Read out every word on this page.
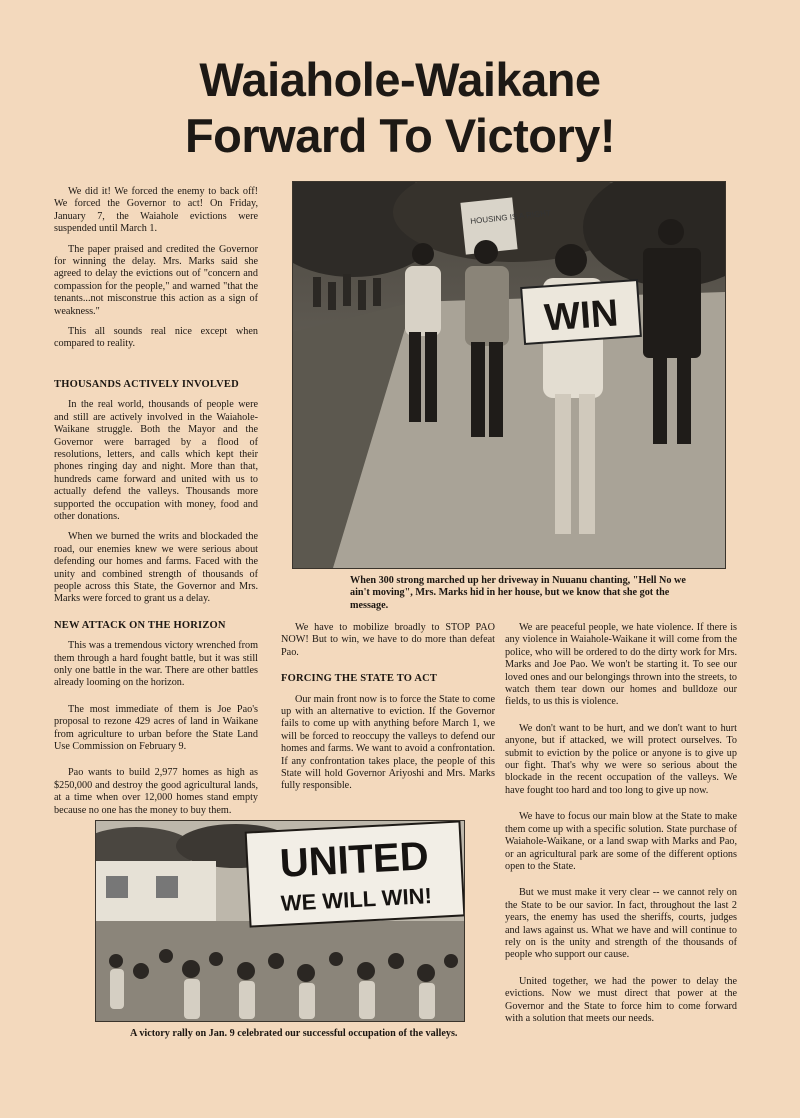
Waiahole-Waikane
Forward To Victory!

We did it! We forced the enemy to back off! We forced the Governor to act! On Friday, January 7, the Waiahole evictions were suspended until March 1.

The paper praised and credited the Governor for winning the delay. Mrs. Marks said she agreed to delay the evictions out of "concern and compassion for the people," and warned "that the tenants...not misconstrue this action as a sign of weakness."

This all sounds real nice except when compared to reality.

THOUSANDS ACTIVELY INVOLVED

In the real world, thousands of people were and still are actively involved in the Waiahole-Waikane struggle. Both the Mayor and the Governor were barraged by a flood of resolutions, letters, and calls which kept their phones ringing day and night. More than that, hundreds came forward and united with us to actually defend the valleys. Thousands more supported the occupation with money, food and other donations.

When we burned the writs and blockaded the road, our enemies knew we were serious about defending our homes and farms. Faced with the unity and combined strength of thousands of people across this State, the Governor and Mrs. Marks were forced to grant us a delay.

NEW ATTACK ON THE HORIZON

This was a tremendous victory wrenched from them through a hard fought battle, but it was still only one battle in the war. There are other battles already looming on the horizon.

The most immediate of them is Joe Pao's proposal to rezone 429 acres of land in Waikane from agriculture to urban before the State Land Use Commission on February 9.

Pao wants to build 2,977 homes as high as $250,000 and destroy the good agricultural lands, at a time when over 12,000 homes stand empty because no one has the money to buy them.

HOUSING IS A RIGHT
WIN
When 300 strong marched up her driveway in Nuuanu chanting, "Hell No we ain't moving", Mrs. Marks hid in her house, but we know that she got the message.

We have to mobilize broadly to STOP PAO NOW! But to win, we have to do more than defeat Pao.

FORCING THE STATE TO ACT

Our main front now is to force the State to come up with an alternative to eviction. If the Governor fails to come up with anything before March 1, we will be forced to reoccupy the valleys to defend our homes and farms. We want to avoid a confrontation. If any confrontation takes place, the people of this State will hold Governor Ariyoshi and Mrs. Marks fully responsible.

We are peaceful people, we hate violence. If there is any violence in Waiahole-Waikane it will come from the police, who will be ordered to do the dirty work for Mrs. Marks and Joe Pao. We won't be starting it. To see our loved ones and our belongings thrown into the streets, to watch them tear down our homes and bulldoze our fields, to us this is violence.

We don't want to be hurt, and we don't want to hurt anyone, but if attacked, we will protect ourselves. To submit to eviction by the police or anyone is to give up our fight. That's why we were so serious about the blockade in the recent occupation of the valleys. We have fought too hard and too long to give up now.

We have to focus our main blow at the State to make them come up with a specific solution. State purchase of Waiahole-Waikane, or a land swap with Marks and Pao, or an agricultural park are some of the different options open to the State.

But we must make it very clear -- we cannot rely on the State to be our savior. In fact, throughout the last 2 years, the enemy has used the sheriffs, courts, judges and laws against us. What we have and will continue to rely on is the unity and strength of the thousands of people who support our cause.

United together, we had the power to delay the evictions. Now we must direct that power at the Governor and the State to force him to come forward with a solution that meets our needs.

UNITED
WE WILL WIN!
A victory rally on Jan. 9 celebrated our successful occupation of the valleys.
